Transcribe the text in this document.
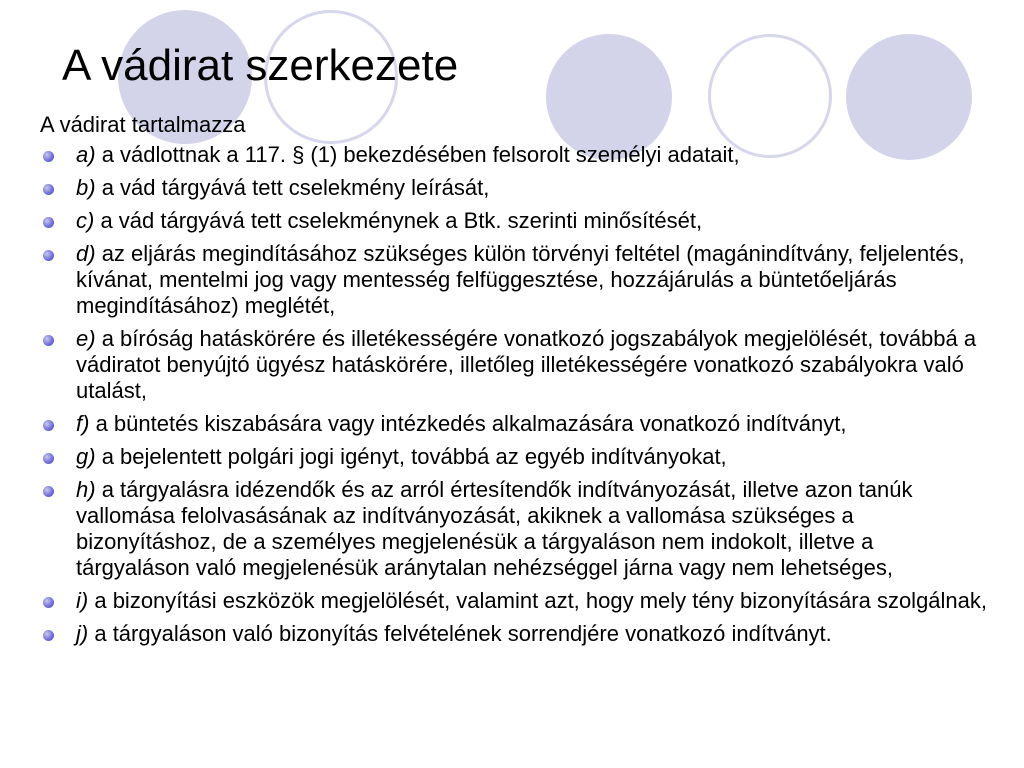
A vádirat szerkezete

A vádirat tartalmazza

a) a vádlottnak a 117. § (1) bekezdésében felsorolt személyi adatait,
b) a vád tárgyává tett cselekmény leírását,
c) a vád tárgyává tett cselekménynek a Btk. szerinti minősítését,
d) az eljárás megindításához szükséges külön törvényi feltétel (magánindítvány, feljelentés, kívánat, mentelmi jog vagy mentesség felfüggesztése, hozzájárulás a büntetőeljárás megindításához) meglétét,
e) a bíróság hatáskörére és illetékességére vonatkozó jogszabályok megjelölését, továbbá a vádiratot benyújtó ügyész hatáskörére, illetőleg illetékességére vonatkozó szabályokra való utalást,
f) a büntetés kiszabására vagy intézkedés alkalmazására vonatkozó indítványt,
g) a bejelentett polgári jogi igényt, továbbá az egyéb indítványokat,
h) a tárgyalásra idézendők és az arról értesítendők indítványozását, illetve azon tanúk vallomása felolvasásának az indítványozását, akiknek a vallomása szükséges a bizonyításhoz, de a személyes megjelenésük a tárgyaláson nem indokolt, illetve a tárgyaláson való megjelenésük aránytalan nehézséggel járna vagy nem lehetséges,
i) a bizonyítási eszközök megjelölését, valamint azt, hogy mely tény bizonyítására szolgálnak,
j) a tárgyaláson való bizonyítás felvételének sorrendjére vonatkozó indítványt.
